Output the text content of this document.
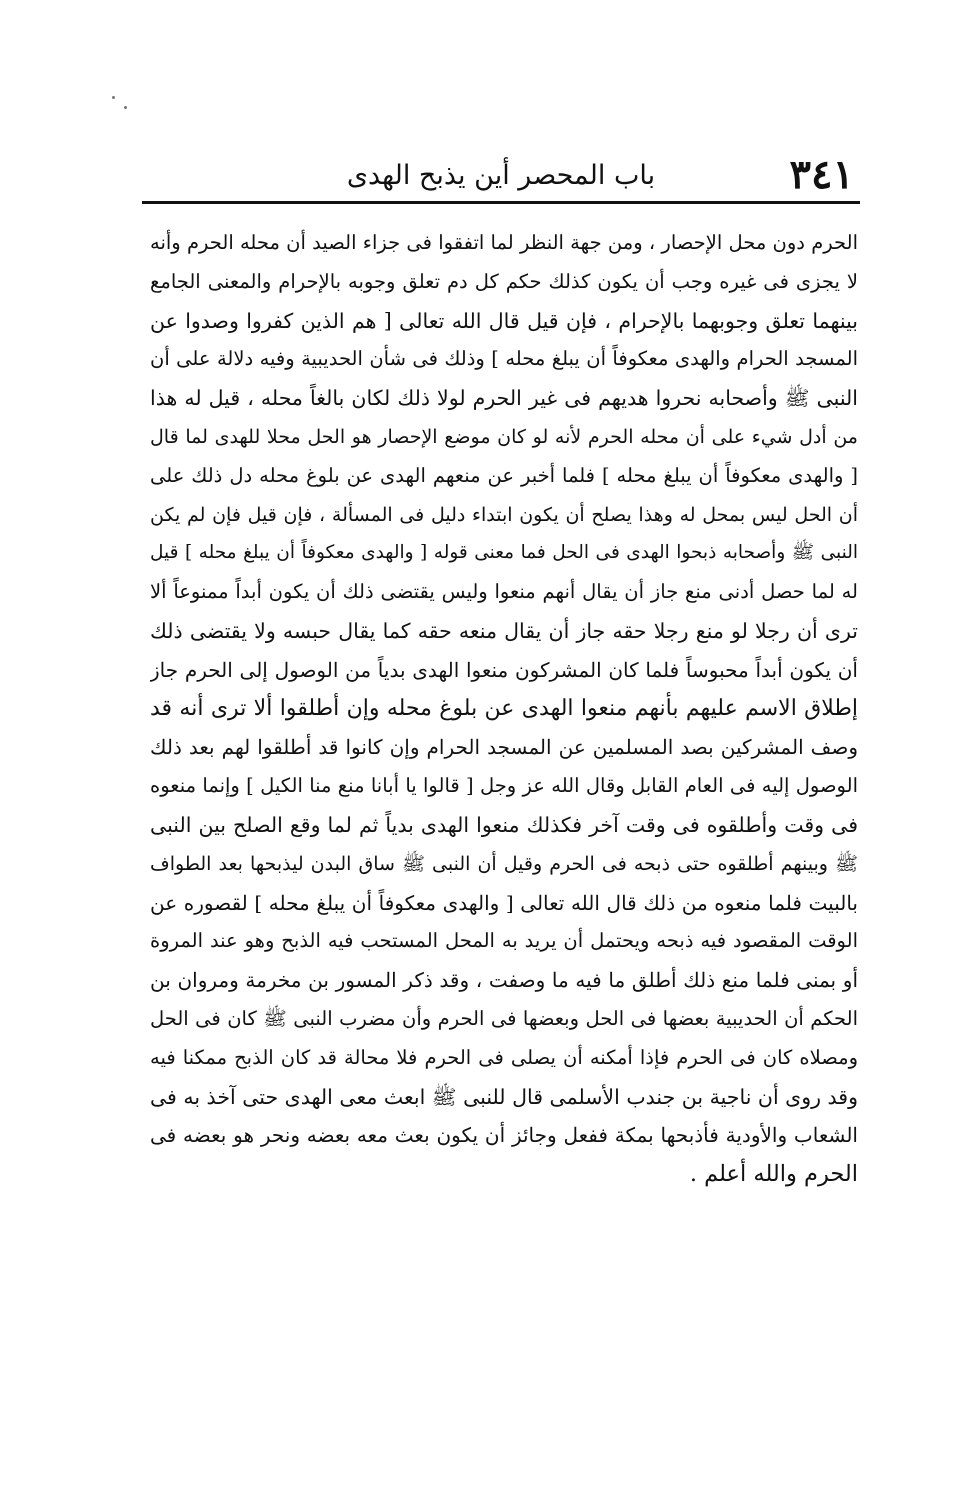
٣٤١
باب المحصر أين يذبح الهدى
الحرم دون محل الإحصار ، ومن جهة النظر لما اتفقوا فى جزاء الصيد أن محله الحرم وأنه
لا يجزى فى غيره وجب أن يكون كذلك حكم كل دم تعلق وجوبه بالإحرام والمعنى الجامع
بينهما تعلق وجوبهما بالإحرام ، فإن قيل قال الله تعالى [ هم الذين كفروا وصدوا عن
المسجد الحرام والهدى معكوفاً أن يبلغ محله ] وذلك فى شأن الحديبية وفيه دلالة على أن
النبى ﷺ وأصحابه نحروا هديهم فى غير الحرم لولا ذلك لكان بالغاً محله ، قيل له هذا
من أدل شيء على أن محله الحرم لأنه لو كان موضع الإحصار هو الحل محلا للهدى لما قال
[ والهدى معكوفاً أن يبلغ محله ] فلما أخبر عن منعهم الهدى عن بلوغ محله دل ذلك على
أن الحل ليس بمحل له وهذا يصلح أن يكون ابتداء دليل فى المسألة ، فإن قيل فإن لم يكن
النبى ﷺ وأصحابه ذبحوا الهدى فى الحل فما معنى قوله [ والهدى معكوفاً أن يبلغ محله ] قيل
له لما حصل أدنى منع جاز أن يقال أنهم منعوا وليس يقتضى ذلك أن يكون أبداً ممنوعاً ألا
ترى أن رجلا لو منع رجلا حقه جاز أن يقال منعه حقه كما يقال حبسه ولا يقتضى ذلك
أن يكون أبداً محبوساً فلما كان المشركون منعوا الهدى بدياً من الوصول إلى الحرم جاز
إطلاق الاسم عليهم بأنهم منعوا الهدى عن بلوغ محله وإن أطلقوا ألا ترى أنه قد
وصف المشركين بصد المسلمين عن المسجد الحرام وإن كانوا قد أطلقوا لهم بعد ذلك
الوصول إليه فى العام القابل وقال الله عز وجل [ قالوا يا أبانا منع منا الكيل ] وإنما منعوه
فى وقت وأطلقوه فى وقت آخر فكذلك منعوا الهدى بدياً ثم لما وقع الصلح بين النبى
ﷺ وبينهم أطلقوه حتى ذبحه فى الحرم وقيل أن النبى ﷺ ساق البدن ليذبحها بعد الطواف
بالبيت فلما منعوه من ذلك قال الله تعالى [ والهدى معكوفاً أن يبلغ محله ] لقصوره عن
الوقت المقصود فيه ذبحه ويحتمل أن يريد به المحل المستحب فيه الذبح وهو عند المروة
أو بمنى فلما منع ذلك أطلق ما فيه ما وصفت ، وقد ذكر المسور بن مخرمة ومروان بن
الحكم أن الحديبية بعضها فى الحل وبعضها فى الحرم وأن مضرب النبى ﷺ كان فى الحل
ومصلاه كان فى الحرم فإذا أمكنه أن يصلى فى الحرم فلا محالة قد كان الذبح ممكنا فيه
وقد روى أن ناجية بن جندب الأسلمى قال للنبى ﷺ ابعث معى الهدى حتى آخذ به فى
الشعاب والأودية فأذبحها بمكة ففعل وجائز أن يكون بعث معه بعضه ونحر هو بعضه فى
الحرم والله أعلم .
